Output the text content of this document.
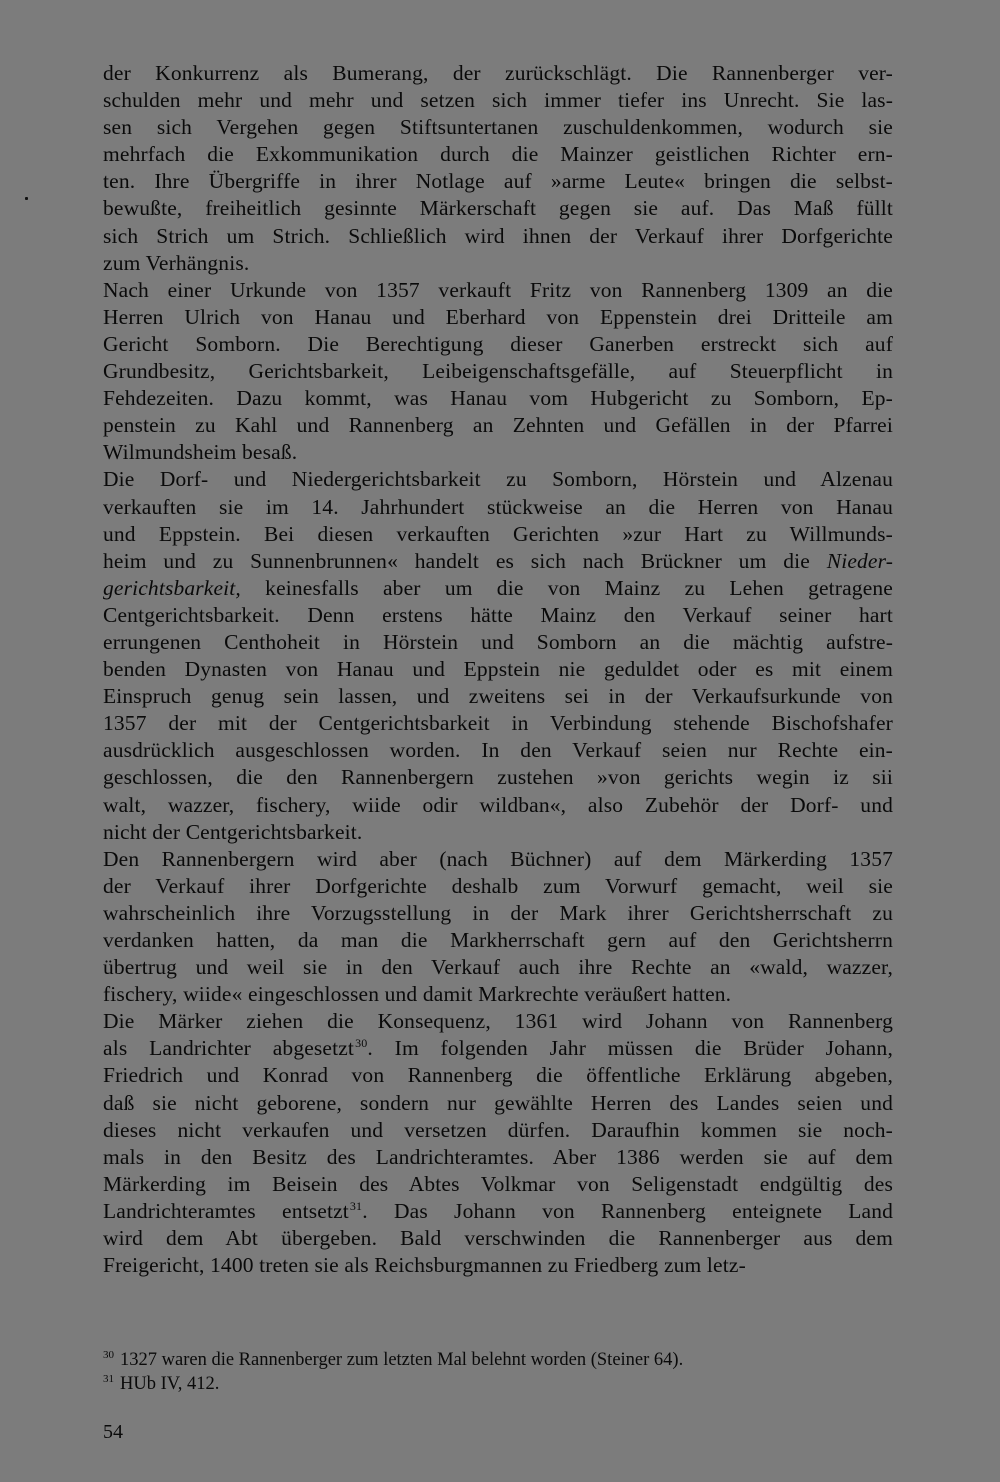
der Konkurrenz als Bumerang, der zurückschlägt. Die Rannenberger ver-
schulden mehr und mehr und setzen sich immer tiefer ins Unrecht. Sie las-
sen sich Vergehen gegen Stiftsuntertanen zuschuldenkommen, wodurch sie
mehrfach die Exkommunikation durch die Mainzer geistlichen Richter ern-
ten. Ihre Übergriffe in ihrer Notlage auf »arme Leute« bringen die selbst-
bewußte, freiheitlich gesinnte Märkerschaft gegen sie auf. Das Maß füllt
sich Strich um Strich. Schließlich wird ihnen der Verkauf ihrer Dorfgerichte
zum Verhängnis.
Nach einer Urkunde von 1357 verkauft Fritz von Rannenberg 1309 an die
Herren Ulrich von Hanau und Eberhard von Eppenstein drei Dritteile am
Gericht Somborn. Die Berechtigung dieser Ganerben erstreckt sich auf
Grundbesitz, Gerichtsbarkeit, Leibeigenschaftsgefälle, auf Steuerpflicht in
Fehdezeiten. Dazu kommt, was Hanau vom Hubgericht zu Somborn, Ep-
penstein zu Kahl und Rannenberg an Zehnten und Gefällen in der Pfarrei
Wilmundsheim besaß.
Die Dorf- und Niedergerichtsbarkeit zu Somborn, Hörstein und Alzenau
verkauften sie im 14. Jahrhundert stückweise an die Herren von Hanau
und Eppstein. Bei diesen verkauften Gerichten »zur Hart zu Willmunds-
heim und zu Sunnenbrunnen« handelt es sich nach Brückner um die Nieder-
gerichtsbarkeit, keinesfalls aber um die von Mainz zu Lehen getragene
Centgerichtsbarkeit. Denn erstens hätte Mainz den Verkauf seiner hart
errungenen Centhoheit in Hörstein und Somborn an die mächtig aufstre-
benden Dynasten von Hanau und Eppstein nie geduldet oder es mit einem
Einspruch genug sein lassen, und zweitens sei in der Verkaufsurkunde von
1357 der mit der Centgerichtsbarkeit in Verbindung stehende Bischofshafer
ausdrücklich ausgeschlossen worden. In den Verkauf seien nur Rechte ein-
geschlossen, die den Rannenbergern zustehen »von gerichts wegin iz sii
walt, wazzer, fischery, wiide odir wildban«, also Zubehör der Dorf- und
nicht der Centgerichtsbarkeit.
Den Rannenbergern wird aber (nach Büchner) auf dem Märkerding 1357
der Verkauf ihrer Dorfgerichte deshalb zum Vorwurf gemacht, weil sie
wahrscheinlich ihre Vorzugsstellung in der Mark ihrer Gerichtsherrschaft zu
verdanken hatten, da man die Markherrschaft gern auf den Gerichtsherrn
übertrug und weil sie in den Verkauf auch ihre Rechte an «wald, wazzer,
fischery, wiide« eingeschlossen und damit Markrechte veräußert hatten.
Die Märker ziehen die Konsequenz, 1361 wird Johann von Rannenberg
als Landrichter abgesetzt$^{30}$. Im folgenden Jahr müssen die Brüder Johann,
Friedrich und Konrad von Rannenberg die öffentliche Erklärung abgeben,
daß sie nicht geborene, sondern nur gewählte Herren des Landes seien und
dieses nicht verkaufen und versetzen dürfen. Daraufhin kommen sie noch-
mals in den Besitz des Landrichteramtes. Aber 1386 werden sie auf dem
Märkerding im Beisein des Abtes Volkmar von Seligenstadt endgültig des
Landrichteramtes entsetzt$^{31}$. Das Johann von Rannenberg enteignete Land
wird dem Abt übergeben. Bald verschwinden die Rannenberger aus dem
Freigericht, 1400 treten sie als Reichsburgmannen zu Friedberg zum letz-
$^{30}$ 1327 waren die Rannenberger zum letzten Mal belehnt worden (Steiner 64).
$^{31}$ HUb IV, 412.
54
